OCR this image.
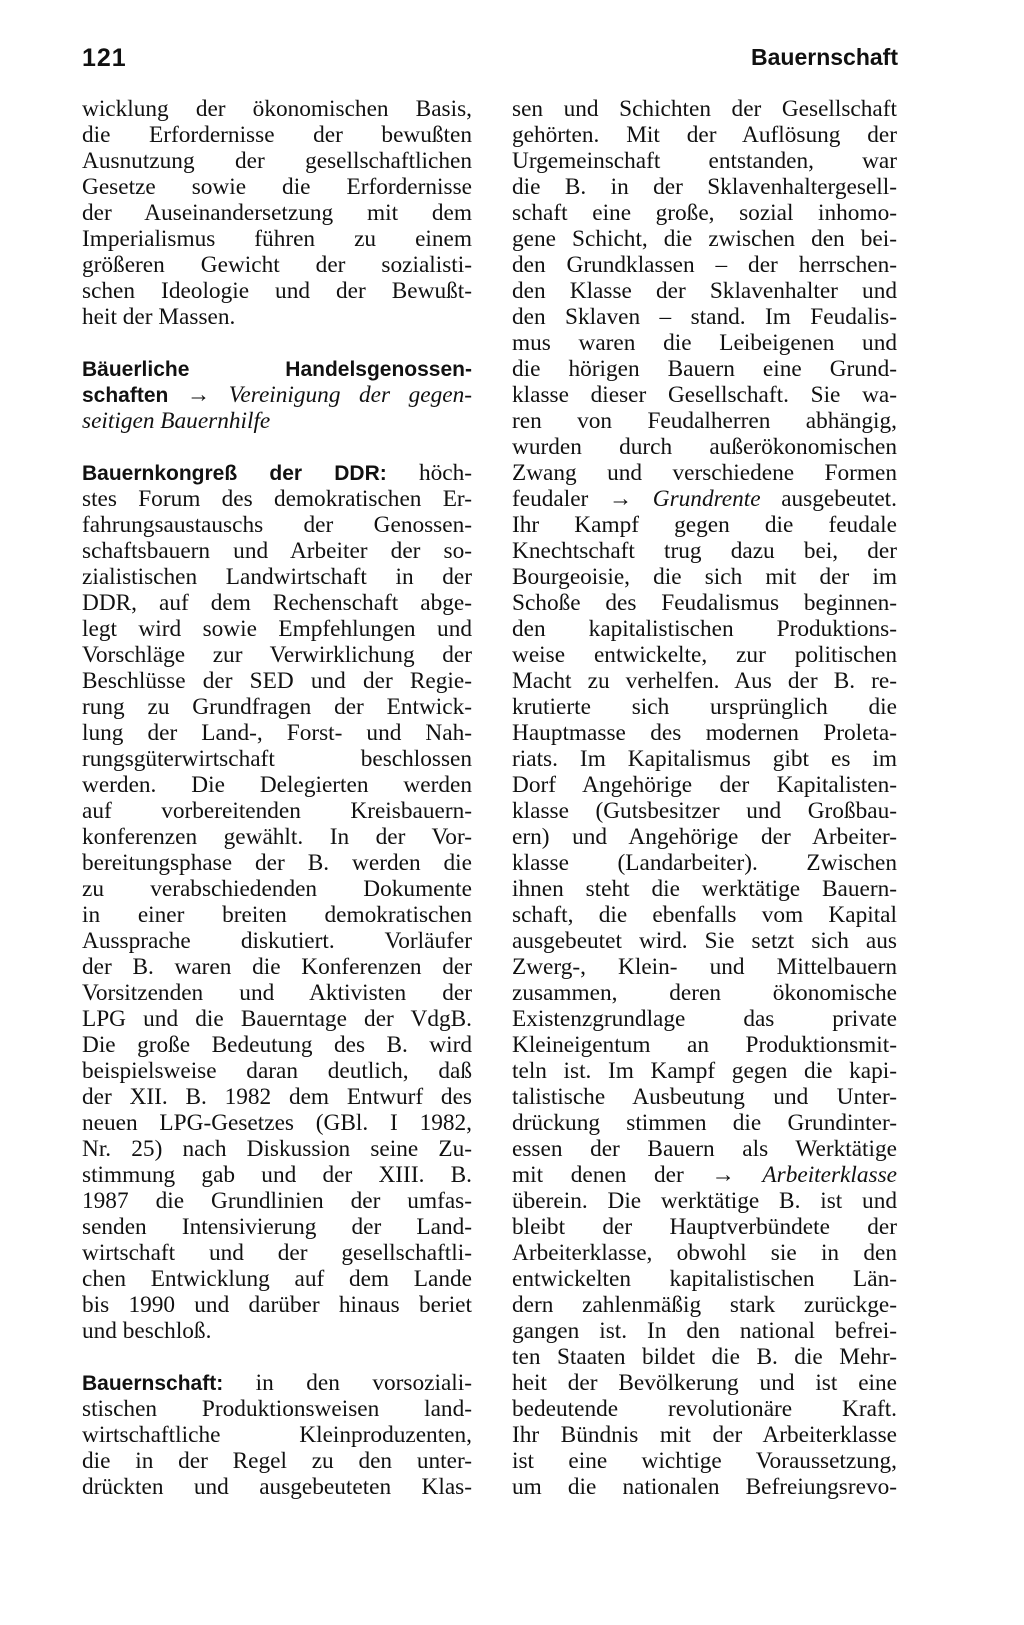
121	Bauernschaft
wicklung der ökonomischen Basis,
die Erfordernisse der bewußten
Ausnutzung der gesellschaftlichen
Gesetze sowie die Erfordernisse
der Auseinandersetzung mit dem
Imperialismus führen zu einem
größeren Gewicht der sozialisti-
schen Ideologie und der Bewußt-
heit der Massen.
Bäuerliche Handelsgenossen-
schaften → Vereinigung der gegen-
seitigen Bauernhilfe
Bauernkongreß der DDR: höch-
stes Forum des demokratischen Er-
fahrungsaustauschs der Genossen-
schaftsbauern und Arbeiter der so-
zialistischen Landwirtschaft in der
DDR, auf dem Rechenschaft abge-
legt wird sowie Empfehlungen und
Vorschläge zur Verwirklichung der
Beschlüsse der SED und der Regie-
rung zu Grundfragen der Entwick-
lung der Land-, Forst- und Nah-
rungsgüterwirtschaft beschlossen
werden. Die Delegierten werden
auf vorbereitenden Kreisbauern-
konferenzen gewählt. In der Vor-
bereitungsphase der B. werden die
zu verabschiedenden Dokumente
in einer breiten demokratischen
Aussprache diskutiert. Vorläufer
der B. waren die Konferenzen der
Vorsitzenden und Aktivisten der
LPG und die Bauerntage der VdgB.
Die große Bedeutung des B. wird
beispielsweise daran deutlich, daß
der XII. B. 1982 dem Entwurf des
neuen LPG-Gesetzes (GBl. I 1982,
Nr. 25) nach Diskussion seine Zu-
stimmung gab und der XIII. B.
1987 die Grundlinien der umfas-
senden Intensivierung der Land-
wirtschaft und der gesellschaftli-
chen Entwicklung auf dem Lande
bis 1990 und darüber hinaus beriet
und beschloß.
Bauernschaft: in den vorsoziali-
stischen Produktionsweisen land-
wirtschaftliche Kleinproduzenten,
die in der Regel zu den unter-
drückten und ausgebeuteten Klas-
sen und Schichten der Gesellschaft
gehörten. Mit der Auflösung der
Urgemeinschaft entstanden, war
die B. in der Sklavenhaltergesell-
schaft eine große, sozial inhomo-
gene Schicht, die zwischen den bei-
den Grundklassen – der herrschen-
den Klasse der Sklavenhalter und
den Sklaven – stand. Im Feudalis-
mus waren die Leibeigenen und
die hörigen Bauern eine Grund-
klasse dieser Gesellschaft. Sie wa-
ren von Feudalherren abhängig,
wurden durch außerökonomischen
Zwang und verschiedene Formen
feudaler → Grundrente ausgebeutet.
Ihr Kampf gegen die feudale
Knechtschaft trug dazu bei, der
Bourgeoisie, die sich mit der im
Schoße des Feudalismus beginnen-
den kapitalistischen Produktions-
weise entwickelte, zur politischen
Macht zu verhelfen. Aus der B. re-
krutierte sich ursprünglich die
Hauptmasse des modernen Proleta-
riats. Im Kapitalismus gibt es im
Dorf Angehörige der Kapitalisten-
klasse (Gutsbesitzer und Großbau-
ern) und Angehörige der Arbeiter-
klasse (Landarbeiter). Zwischen
ihnen steht die werktätige Bauern-
schaft, die ebenfalls vom Kapital
ausgebeutet wird. Sie setzt sich aus
Zwerg-, Klein- und Mittelbauern
zusammen, deren ökonomische
Existenzgrundlage das private
Kleineigentum an Produktionsmit-
teln ist. Im Kampf gegen die kapi-
talistische Ausbeutung und Unter-
drückung stimmen die Grundinter-
essen der Bauern als Werktätige
mit denen der → Arbeiterklasse
überein. Die werktätige B. ist und
bleibt der Hauptverbündete der
Arbeiterklasse, obwohl sie in den
entwickelten kapitalistischen Län-
dern zahlenmäßig stark zurückge-
gangen ist. In den national befrei-
ten Staaten bildet die B. die Mehr-
heit der Bevölkerung und ist eine
bedeutende revolutionäre Kraft.
Ihr Bündnis mit der Arbeiterklasse
ist eine wichtige Voraussetzung,
um die nationalen Befreiungsrevo-
